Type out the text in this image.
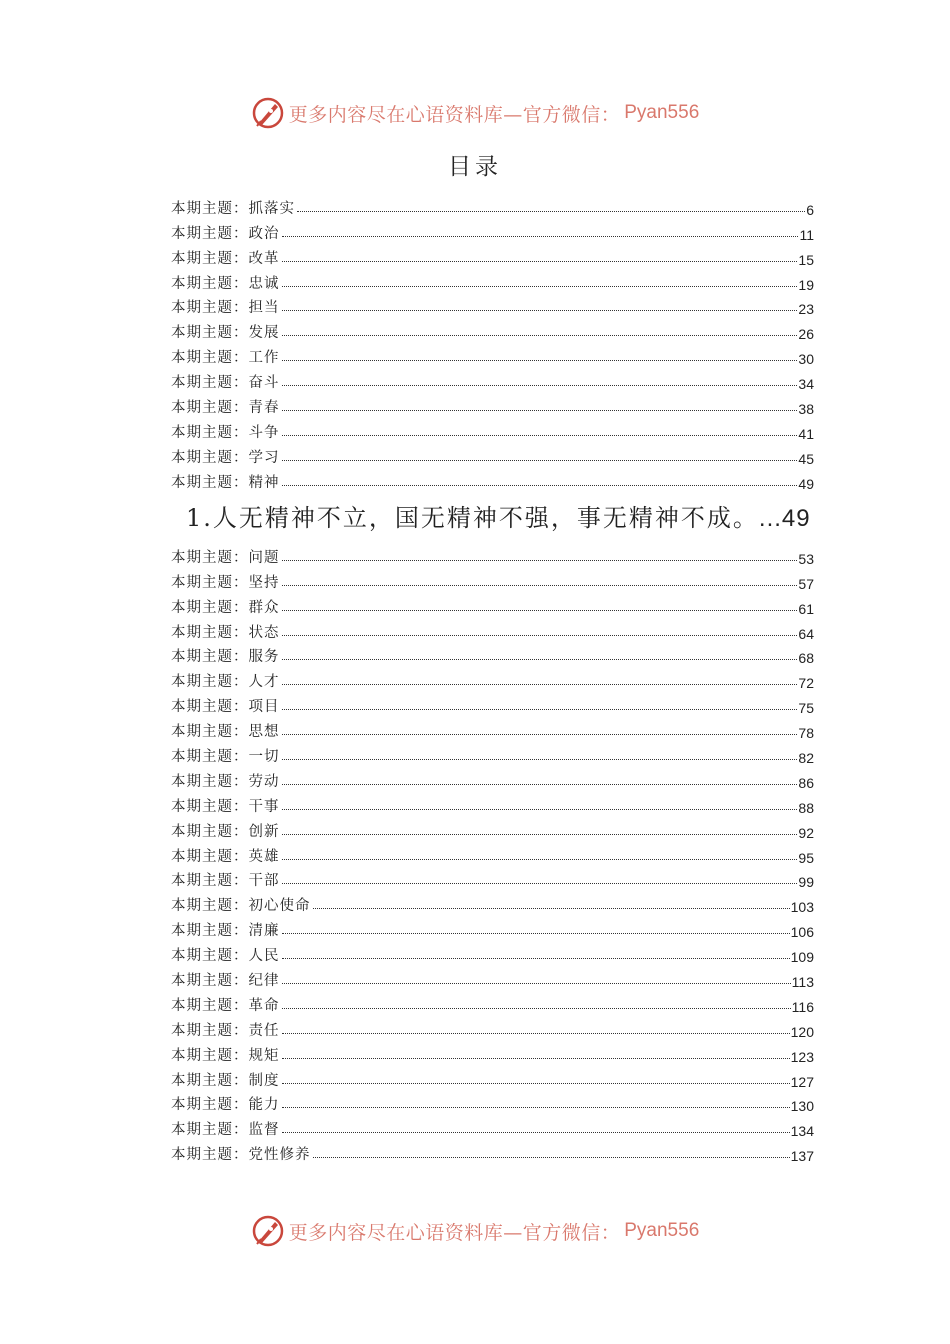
更多内容尽在心语资料库—官方微信： Pyan556
目录
本期主题：抓落实	6
本期主题：政治	11
本期主题：改革	15
本期主题：忠诚	19
本期主题：担当	23
本期主题：发展	26
本期主题：工作	30
本期主题：奋斗	34
本期主题：青春	38
本期主题：斗争	41
本期主题：学习	45
本期主题：精神	49
1.人无精神不立，国无精神不强，事无精神不成。...49
本期主题：问题	53
本期主题：坚持	57
本期主题：群众	61
本期主题：状态	64
本期主题：服务	68
本期主题：人才	72
本期主题：项目	75
本期主题：思想	78
本期主题：一切	82
本期主题：劳动	86
本期主题：干事	88
本期主题：创新	92
本期主题：英雄	95
本期主题：干部	99
本期主题：初心使命	103
本期主题：清廉	106
本期主题：人民	109
本期主题：纪律	113
本期主题：革命	116
本期主题：责任	120
本期主题：规矩	123
本期主题：制度	127
本期主题：能力	130
本期主题：监督	134
本期主题：党性修养	137
更多内容尽在心语资料库—官方微信： Pyan556
